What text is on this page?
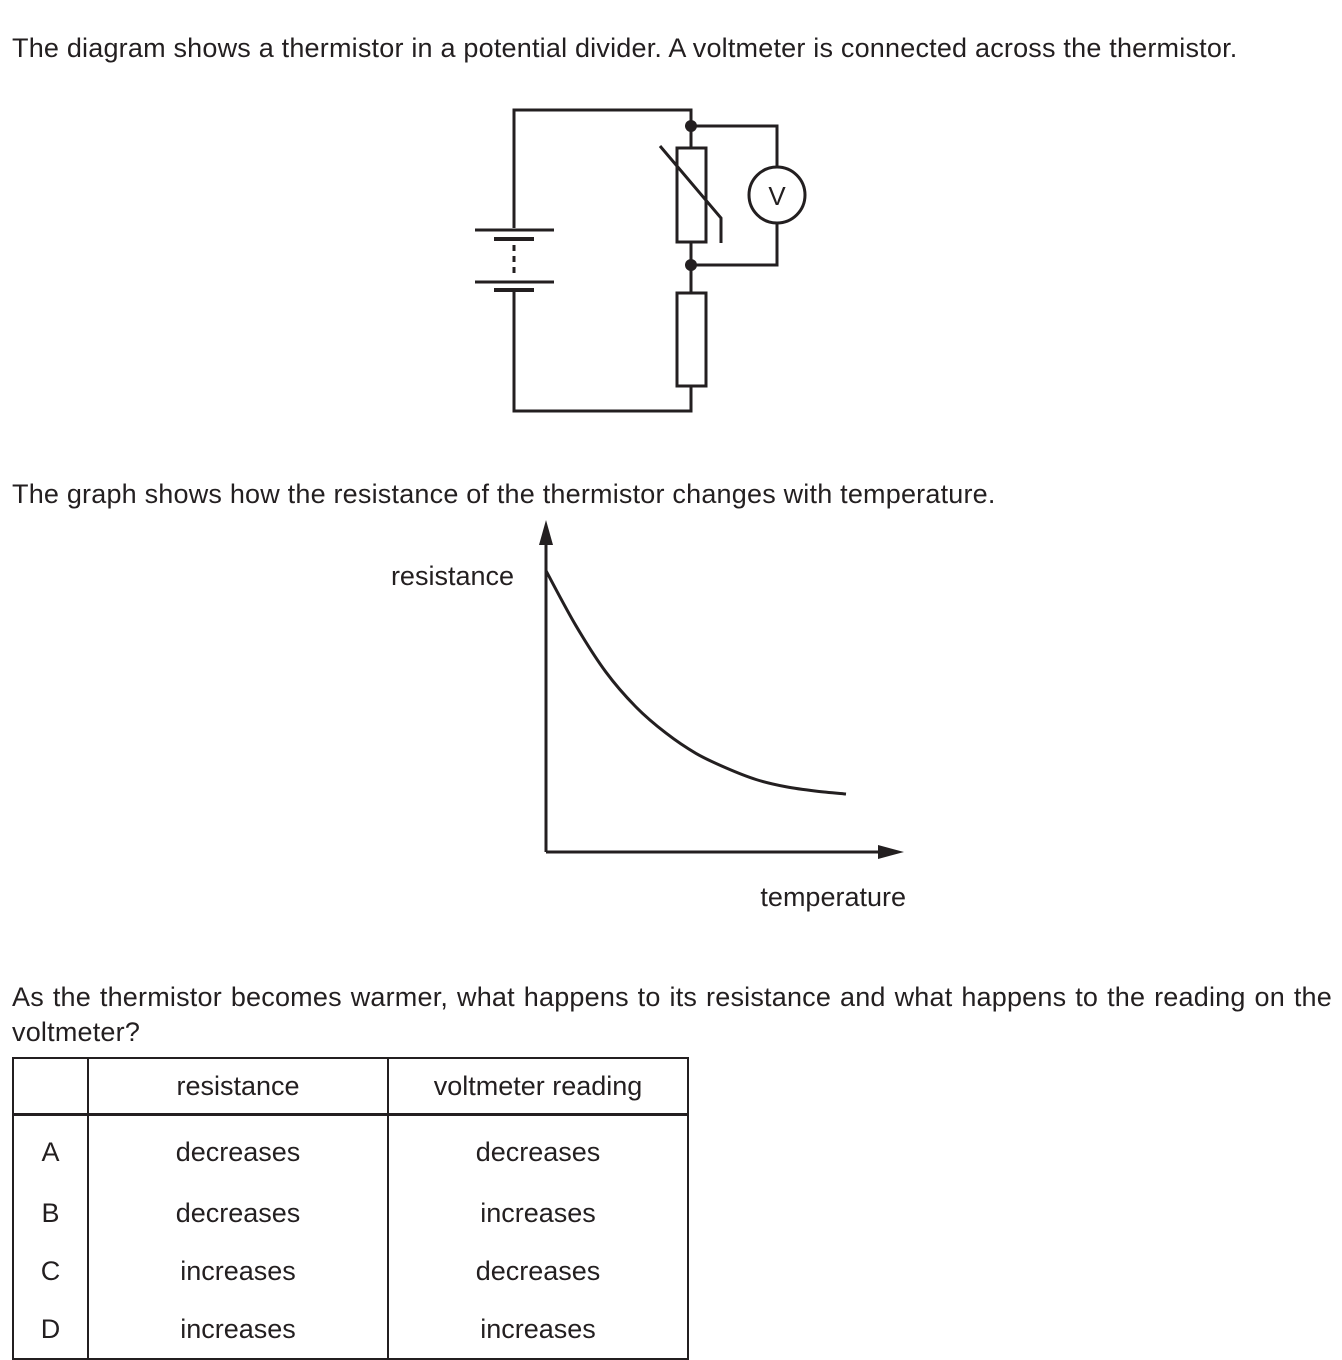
The diagram shows a thermistor in a potential divider. A voltmeter is connected across the thermistor.

V
resistance
temperature

The graph shows how the resistance of the thermistor changes with temperature.

As the thermistor becomes warmer, what happens to its resistance and what happens to the reading on the voltmeter?

	resistance	voltmeter reading
A	decreases	decreases
B	decreases	increases
C	increases	decreases
D	increases	increases
